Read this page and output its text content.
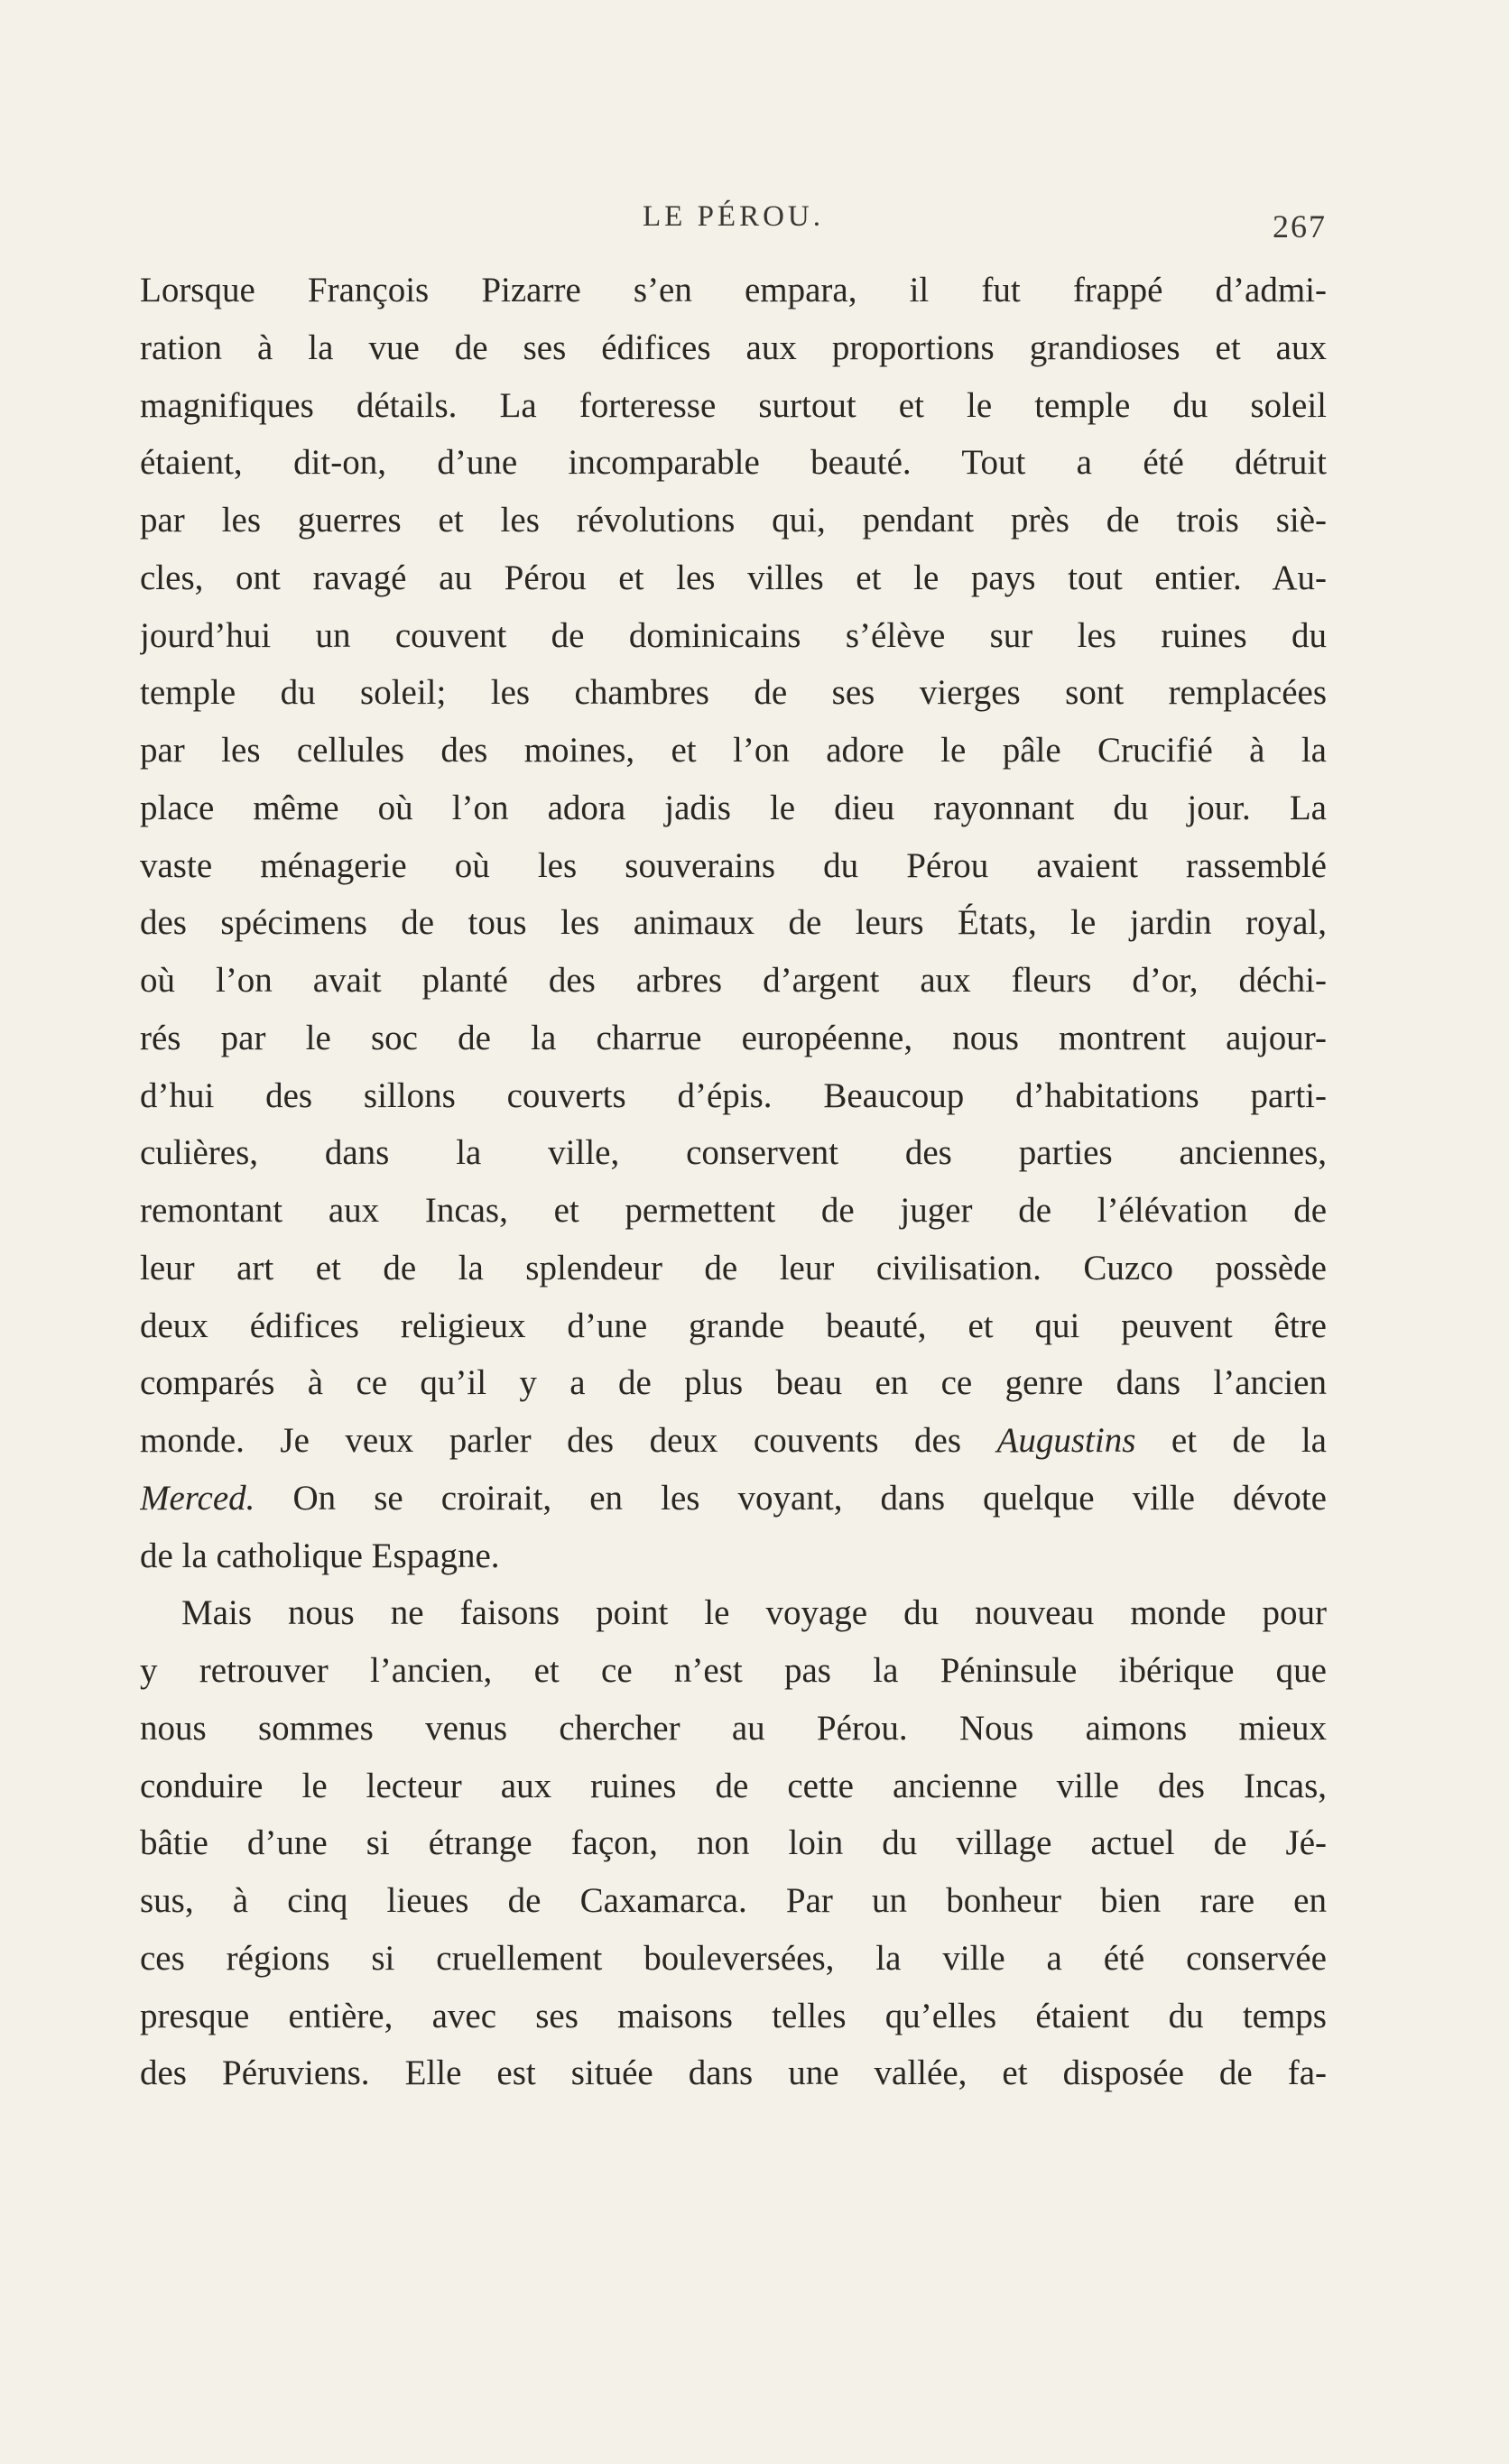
LE PÉROU.	267
Lorsque François Pizarre s’en empara, il fut frappé d’admi-
ration à la vue de ses édifices aux proportions grandioses et aux
magnifiques détails. La forteresse surtout et le temple du soleil
étaient, dit-on, d’une incomparable beauté. Tout a été détruit
par les guerres et les révolutions qui, pendant près de trois siè-
cles, ont ravagé au Pérou et les villes et le pays tout entier. Au-
jourd’hui un couvent de dominicains s’élève sur les ruines du
temple du soleil; les chambres de ses vierges sont remplacées
par les cellules des moines, et l’on adore le pâle Crucifié à la
place même où l’on adora jadis le dieu rayonnant du jour. La
vaste ménagerie où les souverains du Pérou avaient rassemblé
des spécimens de tous les animaux de leurs États, le jardin royal,
où l’on avait planté des arbres d’argent aux fleurs d’or, déchi-
rés par le soc de la charrue européenne, nous montrent aujour-
d’hui des sillons couverts d’épis. Beaucoup d’habitations parti-
culières, dans la ville, conservent des parties anciennes,
remontant aux Incas, et permettent de juger de l’élévation de
leur art et de la splendeur de leur civilisation. Cuzco possède
deux édifices religieux d’une grande beauté, et qui peuvent être
comparés à ce qu’il y a de plus beau en ce genre dans l’ancien
monde. Je veux parler des deux couvents des Augustins et de la
Merced. On se croirait, en les voyant, dans quelque ville dévote
de la catholique Espagne.
Mais nous ne faisons point le voyage du nouveau monde pour
y retrouver l’ancien, et ce n’est pas la Péninsule ibérique que
nous sommes venus chercher au Pérou. Nous aimons mieux
conduire le lecteur aux ruines de cette ancienne ville des Incas,
bâtie d’une si étrange façon, non loin du village actuel de Jé-
sus, à cinq lieues de Caxamarca. Par un bonheur bien rare en
ces régions si cruellement bouleversées, la ville a été conservée
presque entière, avec ses maisons telles qu’elles étaient du temps
des Péruviens. Elle est située dans une vallée, et disposée de fa-
